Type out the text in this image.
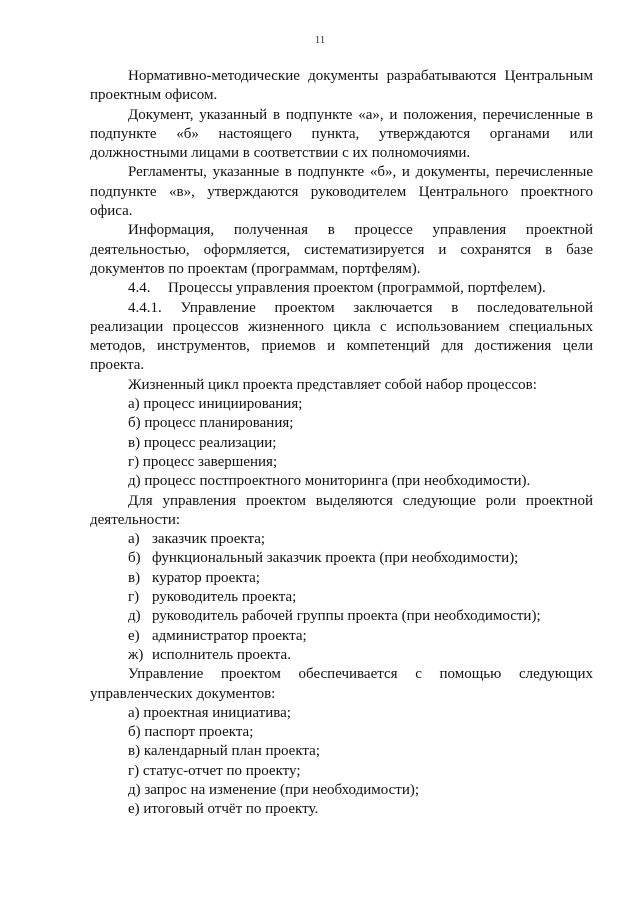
11

Нормативно-методические документы разрабатываются Центральным проектным офисом.

Документ, указанный в подпункте «а», и положения, перечисленные в подпункте «б» настоящего пункта, утверждаются органами или должностными лицами в соответствии с их полномочиями.

Регламенты, указанные в подпункте «б», и документы, перечисленные подпункте «в», утверждаются руководителем Центрального проектного офиса.

Информация, полученная в процессе управления проектной деятельностью, оформляется, систематизируется и сохранятся в базе документов по проектам (программам, портфелям).

4.4. Процессы управления проектом (программой, портфелем).

4.4.1. Управление проектом заключается в последовательной реализации процессов жизненного цикла с использованием специальных методов, инструментов, приемов и компетенций для достижения цели проекта.

Жизненный цикл проекта представляет собой набор процессов:

а) процесс инициирования;

б) процесс планирования;

в) процесс реализации;

г) процесс завершения;

д) процесс постпроектного мониторинга (при необходимости).

Для управления проектом выделяются следующие роли проектной деятельности:

а) заказчик проекта;

б) функциональный заказчик проекта (при необходимости);

в) куратор проекта;

г) руководитель проекта;

д) руководитель рабочей группы проекта (при необходимости);

е) администратор проекта;

ж) исполнитель проекта.

Управление проектом обеспечивается с помощью следующих управленческих документов:

а) проектная инициатива;

б) паспорт проекта;

в) календарный план проекта;

г) статус-отчет по проекту;

д) запрос на изменение (при необходимости);

е) итоговый отчёт по проекту.
